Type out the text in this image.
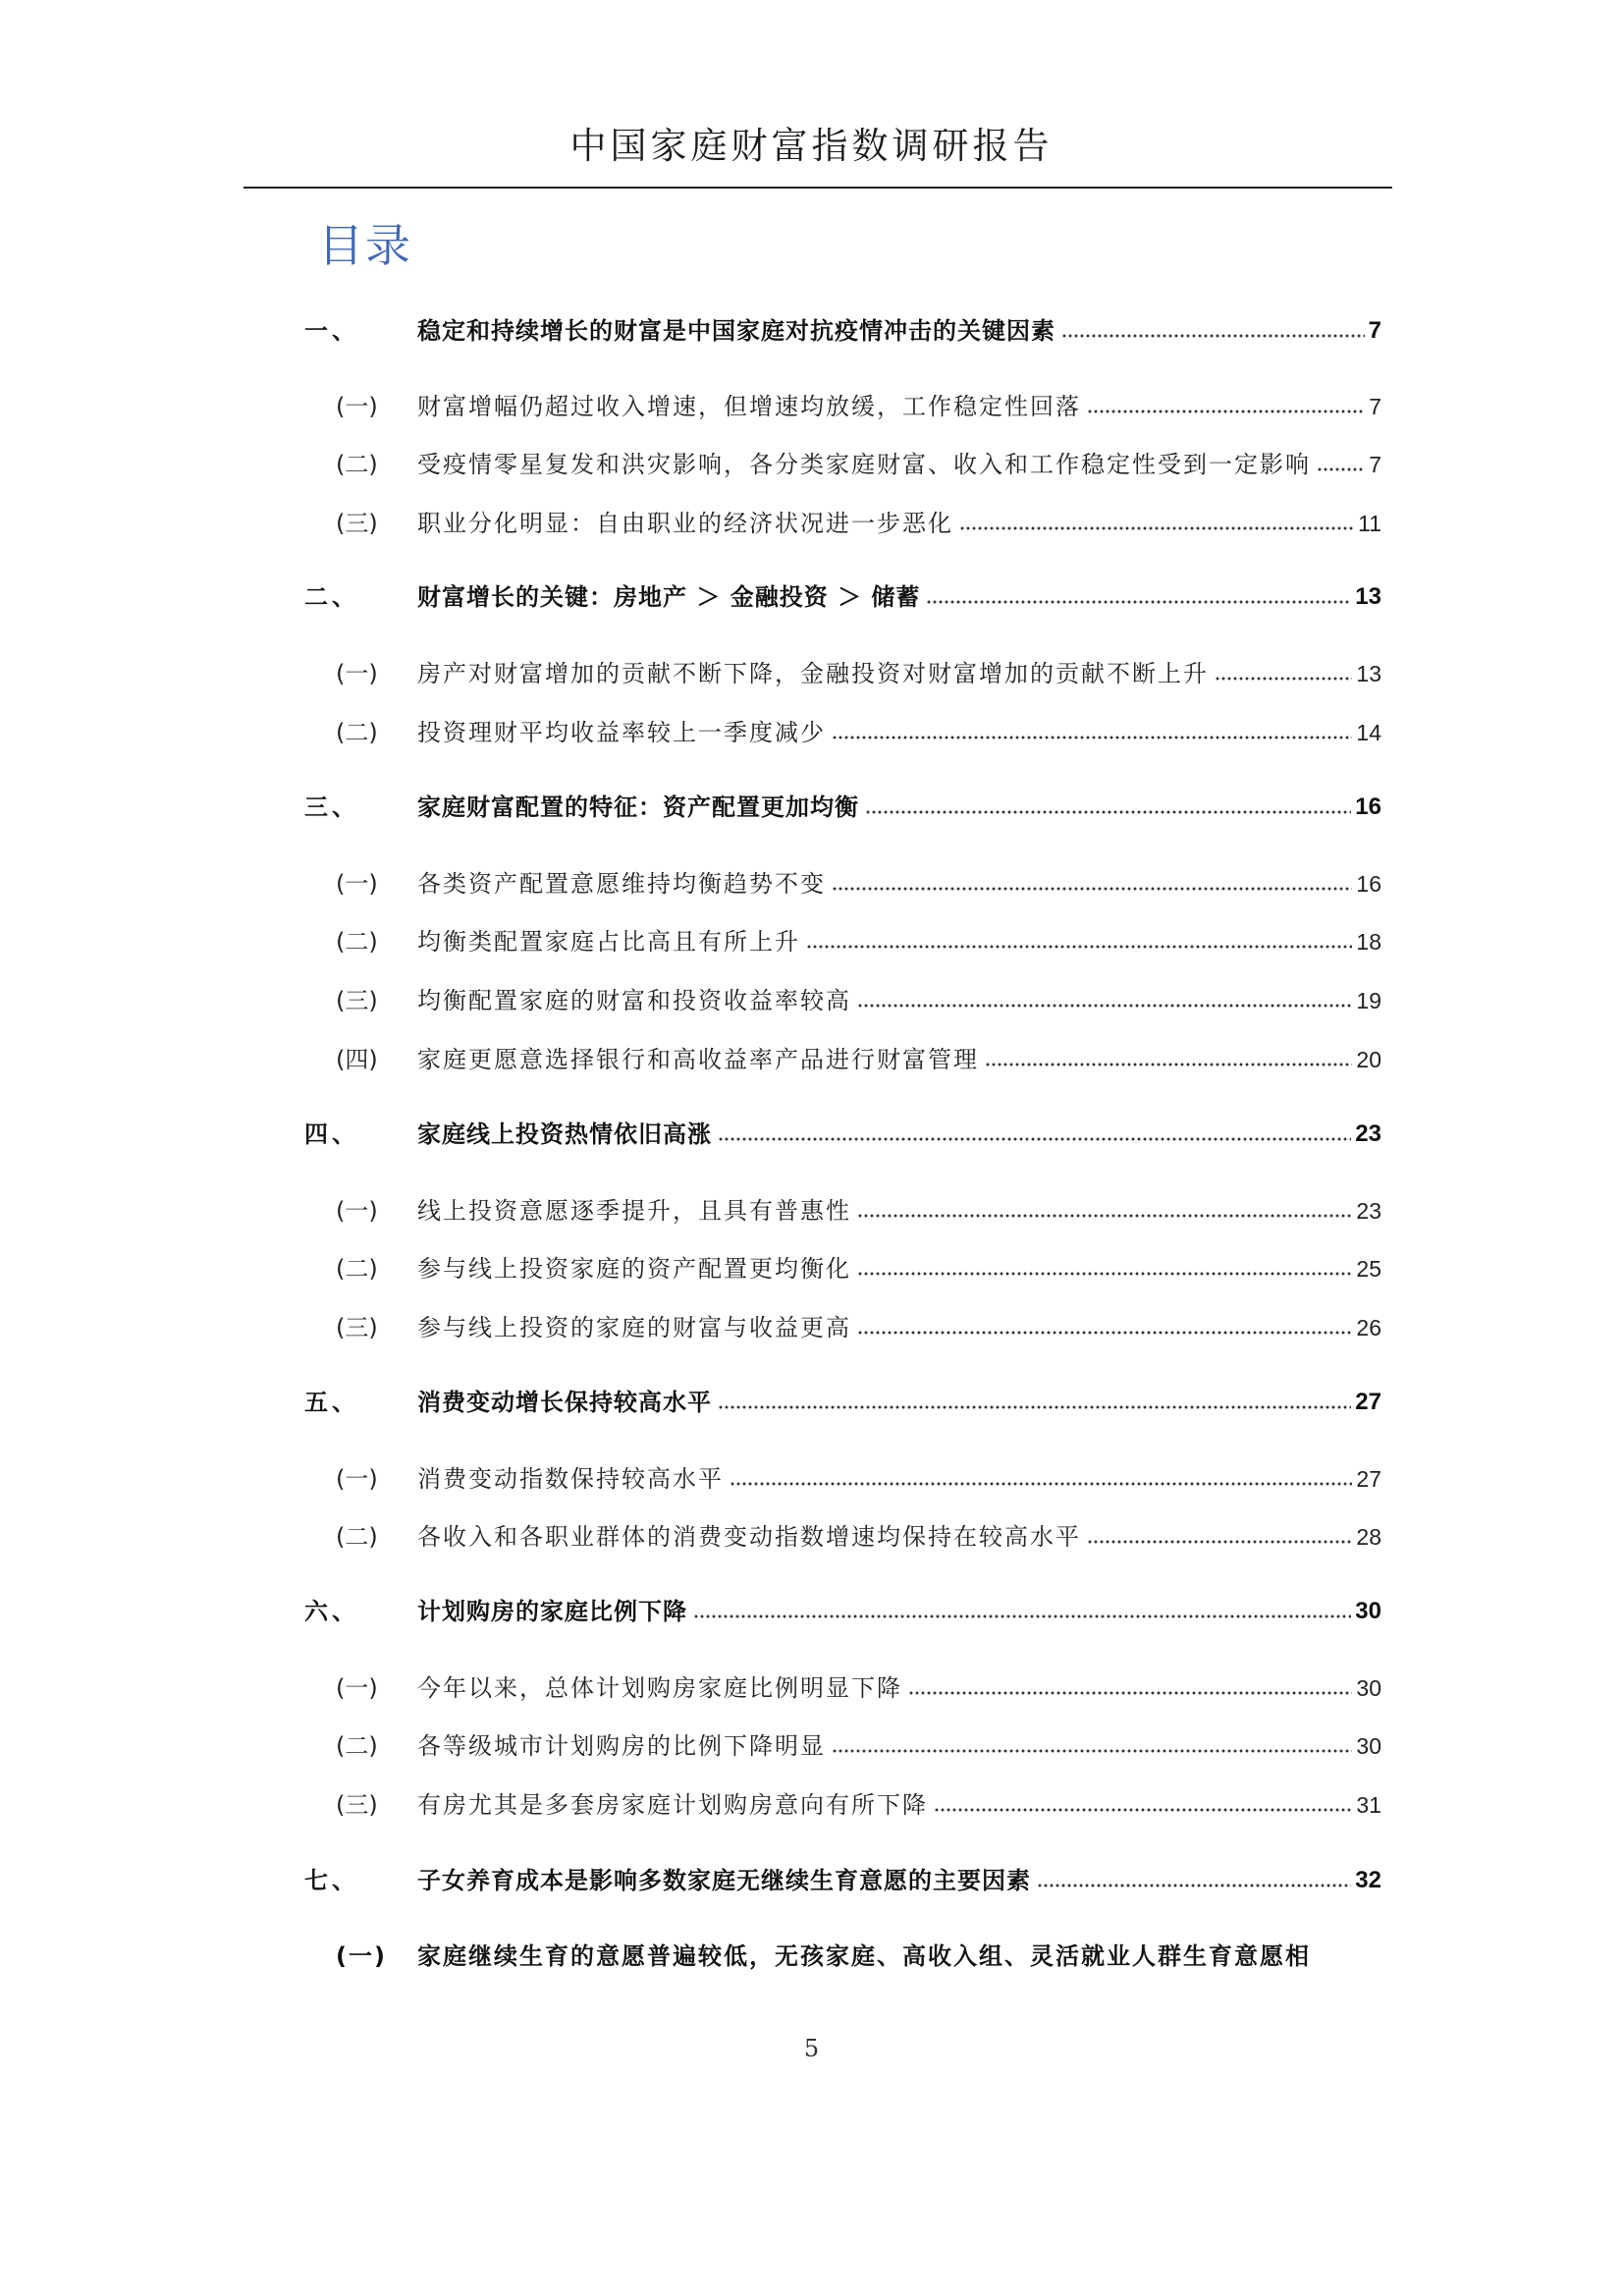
中国家庭财富指数调研报告
目录
一、 稳定和持续增长的财富是中国家庭对抗疫情冲击的关键因素	7
(一) 财富增幅仍超过收入增速，但增速均放缓，工作稳定性回落	7
(二) 受疫情零星复发和洪灾影响，各分类家庭财富、收入和工作稳定性受到一定影响	7
(三) 职业分化明显：自由职业的经济状况进一步恶化	11
二、 财富增长的关键：房地产 ＞ 金融投资 ＞ 储蓄	13
(一) 房产对财富增加的贡献不断下降，金融投资对财富增加的贡献不断上升	13
(二) 投资理财平均收益率较上一季度减少	14
三、 家庭财富配置的特征：资产配置更加均衡	16
(一) 各类资产配置意愿维持均衡趋势不变	16
(二) 均衡类配置家庭占比高且有所上升	18
(三) 均衡配置家庭的财富和投资收益率较高	19
(四) 家庭更愿意选择银行和高收益率产品进行财富管理	20
四、 家庭线上投资热情依旧高涨	23
(一) 线上投资意愿逐季提升，且具有普惠性	23
(二) 参与线上投资家庭的资产配置更均衡化	25
(三) 参与线上投资的家庭的财富与收益更高	26
五、 消费变动增长保持较高水平	27
(一) 消费变动指数保持较高水平	27
(二) 各收入和各职业群体的消费变动指数增速均保持在较高水平	28
六、 计划购房的家庭比例下降	30
(一) 今年以来，总体计划购房家庭比例明显下降	30
(二) 各等级城市计划购房的比例下降明显	30
(三) 有房尤其是多套房家庭计划购房意向有所下降	31
七、 子女养育成本是影响多数家庭无继续生育意愿的主要因素	32
(一) 家庭继续生育的意愿普遍较低，无孩家庭、高收入组、灵活就业人群生育意愿相
5
